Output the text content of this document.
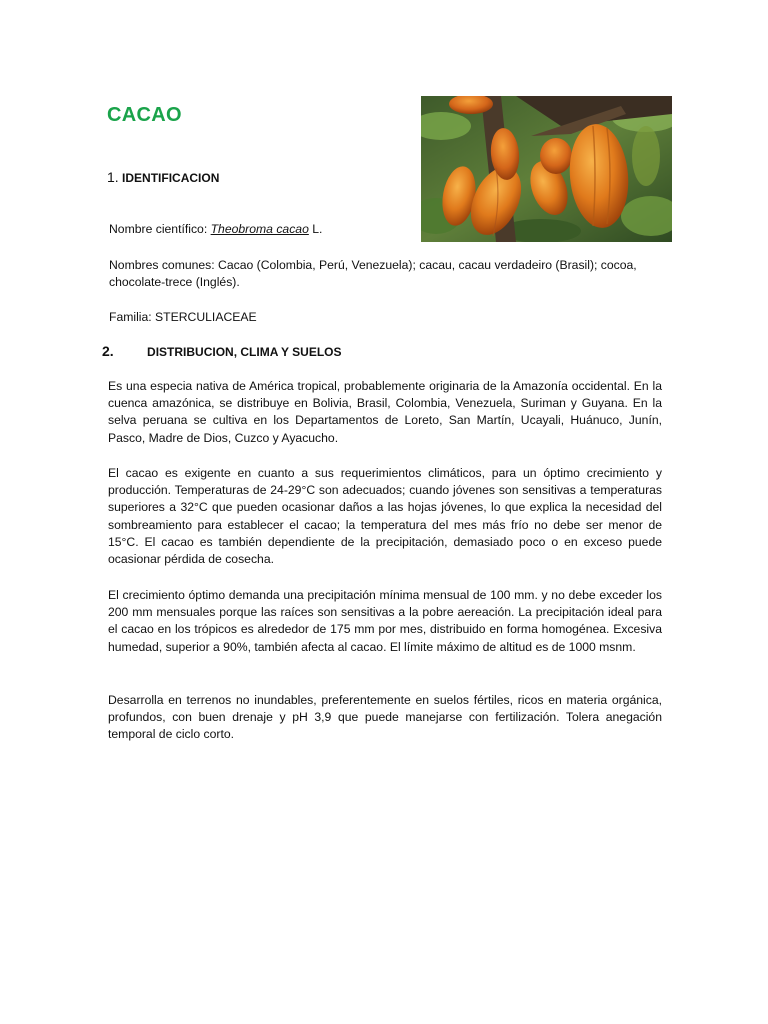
CACAO
1. IDENTIFICACION
Nombre científico: Theobroma cacao L.
Nombres comunes: Cacao (Colombia, Perú, Venezuela); cacau, cacau verdadeiro (Brasil); cocoa, chocolate-trece (Inglés).
Familia: STERCULIACEAE
2.	DISTRIBUCION, CLIMA Y SUELOS
Es una especia nativa de América tropical, probablemente originaria de la Amazonía occidental. En la cuenca amazónica, se distribuye en Bolivia, Brasil, Colombia, Venezuela, Suriman y Guyana. En la selva peruana se cultiva en los Departamentos de Loreto, San Martín, Ucayali, Huánuco, Junín, Pasco, Madre de Dios, Cuzco y Ayacucho.
El cacao es exigente en cuanto a sus requerimientos climáticos, para un óptimo crecimiento y producción. Temperaturas de 24-29°C son adecuados; cuando jóvenes son sensitivas a temperaturas superiores a 32°C que pueden ocasionar daños a las hojas jóvenes, lo que explica la necesidad del sombreamiento para establecer el cacao; la temperatura del mes más frío no debe ser menor de 15°C. El cacao es también dependiente de la precipitación, demasiado poco o en exceso puede ocasionar pérdida de cosecha.
El crecimiento óptimo demanda una precipitación mínima mensual de 100 mm. y no debe exceder los 200 mm mensuales porque las raíces son sensitivas a la pobre aereación. La precipitación ideal para el cacao en los trópicos es alrededor de 175 mm por mes, distribuido en forma homogénea. Excesiva humedad, superior a 90%, también afecta al cacao. El límite máximo de altitud es de 1000 msnm.
Desarrolla en terrenos no inundables, preferentemente en suelos fértiles, ricos en materia orgánica, profundos, con buen drenaje y pH 3,9 que puede manejarse con fertilización. Tolera anegación temporal de ciclo corto.
